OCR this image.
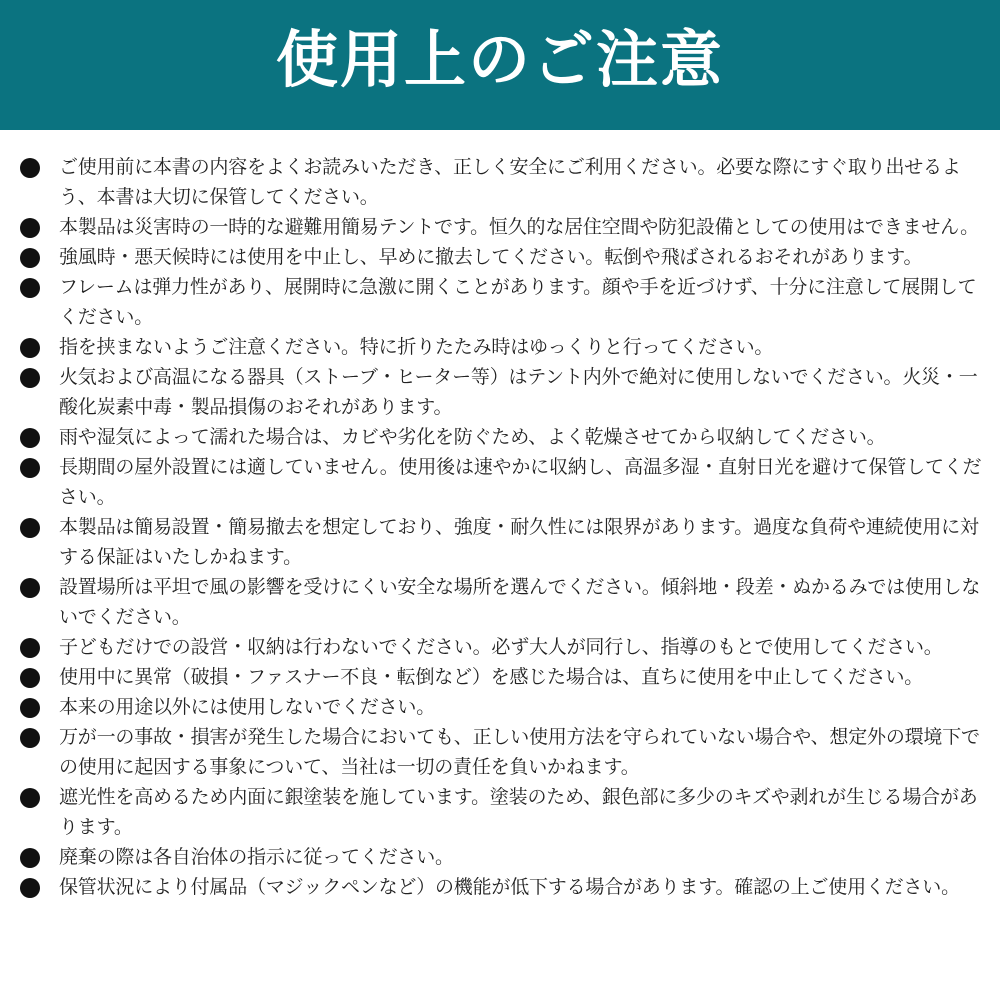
使用上のご注意
ご使用前に本書の内容をよくお読みいただき、正しく安全にご利用ください。必要な際にすぐ取り出せるよう、本書は大切に保管してください。
本製品は災害時の一時的な避難用簡易テントです。恒久的な居住空間や防犯設備としての使用はできません。
強風時・悪天候時には使用を中止し、早めに撤去してください。転倒や飛ばされるおそれがあります。
フレームは弾力性があり、展開時に急激に開くことがあります。顔や手を近づけず、十分に注意して展開してください。
指を挟まないようご注意ください。特に折りたたみ時はゆっくりと行ってください。
火気および高温になる器具（ストーブ・ヒーター等）はテント内外で絶対に使用しないでください。火災・一酸化炭素中毒・製品損傷のおそれがあります。
雨や湿気によって濡れた場合は、カビや劣化を防ぐため、よく乾燥させてから収納してください。
長期間の屋外設置には適していません。使用後は速やかに収納し、高温多湿・直射日光を避けて保管してください。
本製品は簡易設置・簡易撤去を想定しており、強度・耐久性には限界があります。過度な負荷や連続使用に対する保証はいたしかねます。
設置場所は平坦で風の影響を受けにくい安全な場所を選んでください。傾斜地・段差・ぬかるみでは使用しないでください。
子どもだけでの設営・収納は行わないでください。必ず大人が同行し、指導のもとで使用してください。
使用中に異常（破損・ファスナー不良・転倒など）を感じた場合は、直ちに使用を中止してください。
本来の用途以外には使用しないでください。
万が一の事故・損害が発生した場合においても、正しい使用方法を守られていない場合や、想定外の環境下での使用に起因する事象について、当社は一切の責任を負いかねます。
遮光性を高めるため内面に銀塗装を施しています。塗装のため、銀色部に多少のキズや剥れが生じる場合があります。
廃棄の際は各自治体の指示に従ってください。
保管状況により付属品（マジックペンなど）の機能が低下する場合があります。確認の上ご使用ください。
